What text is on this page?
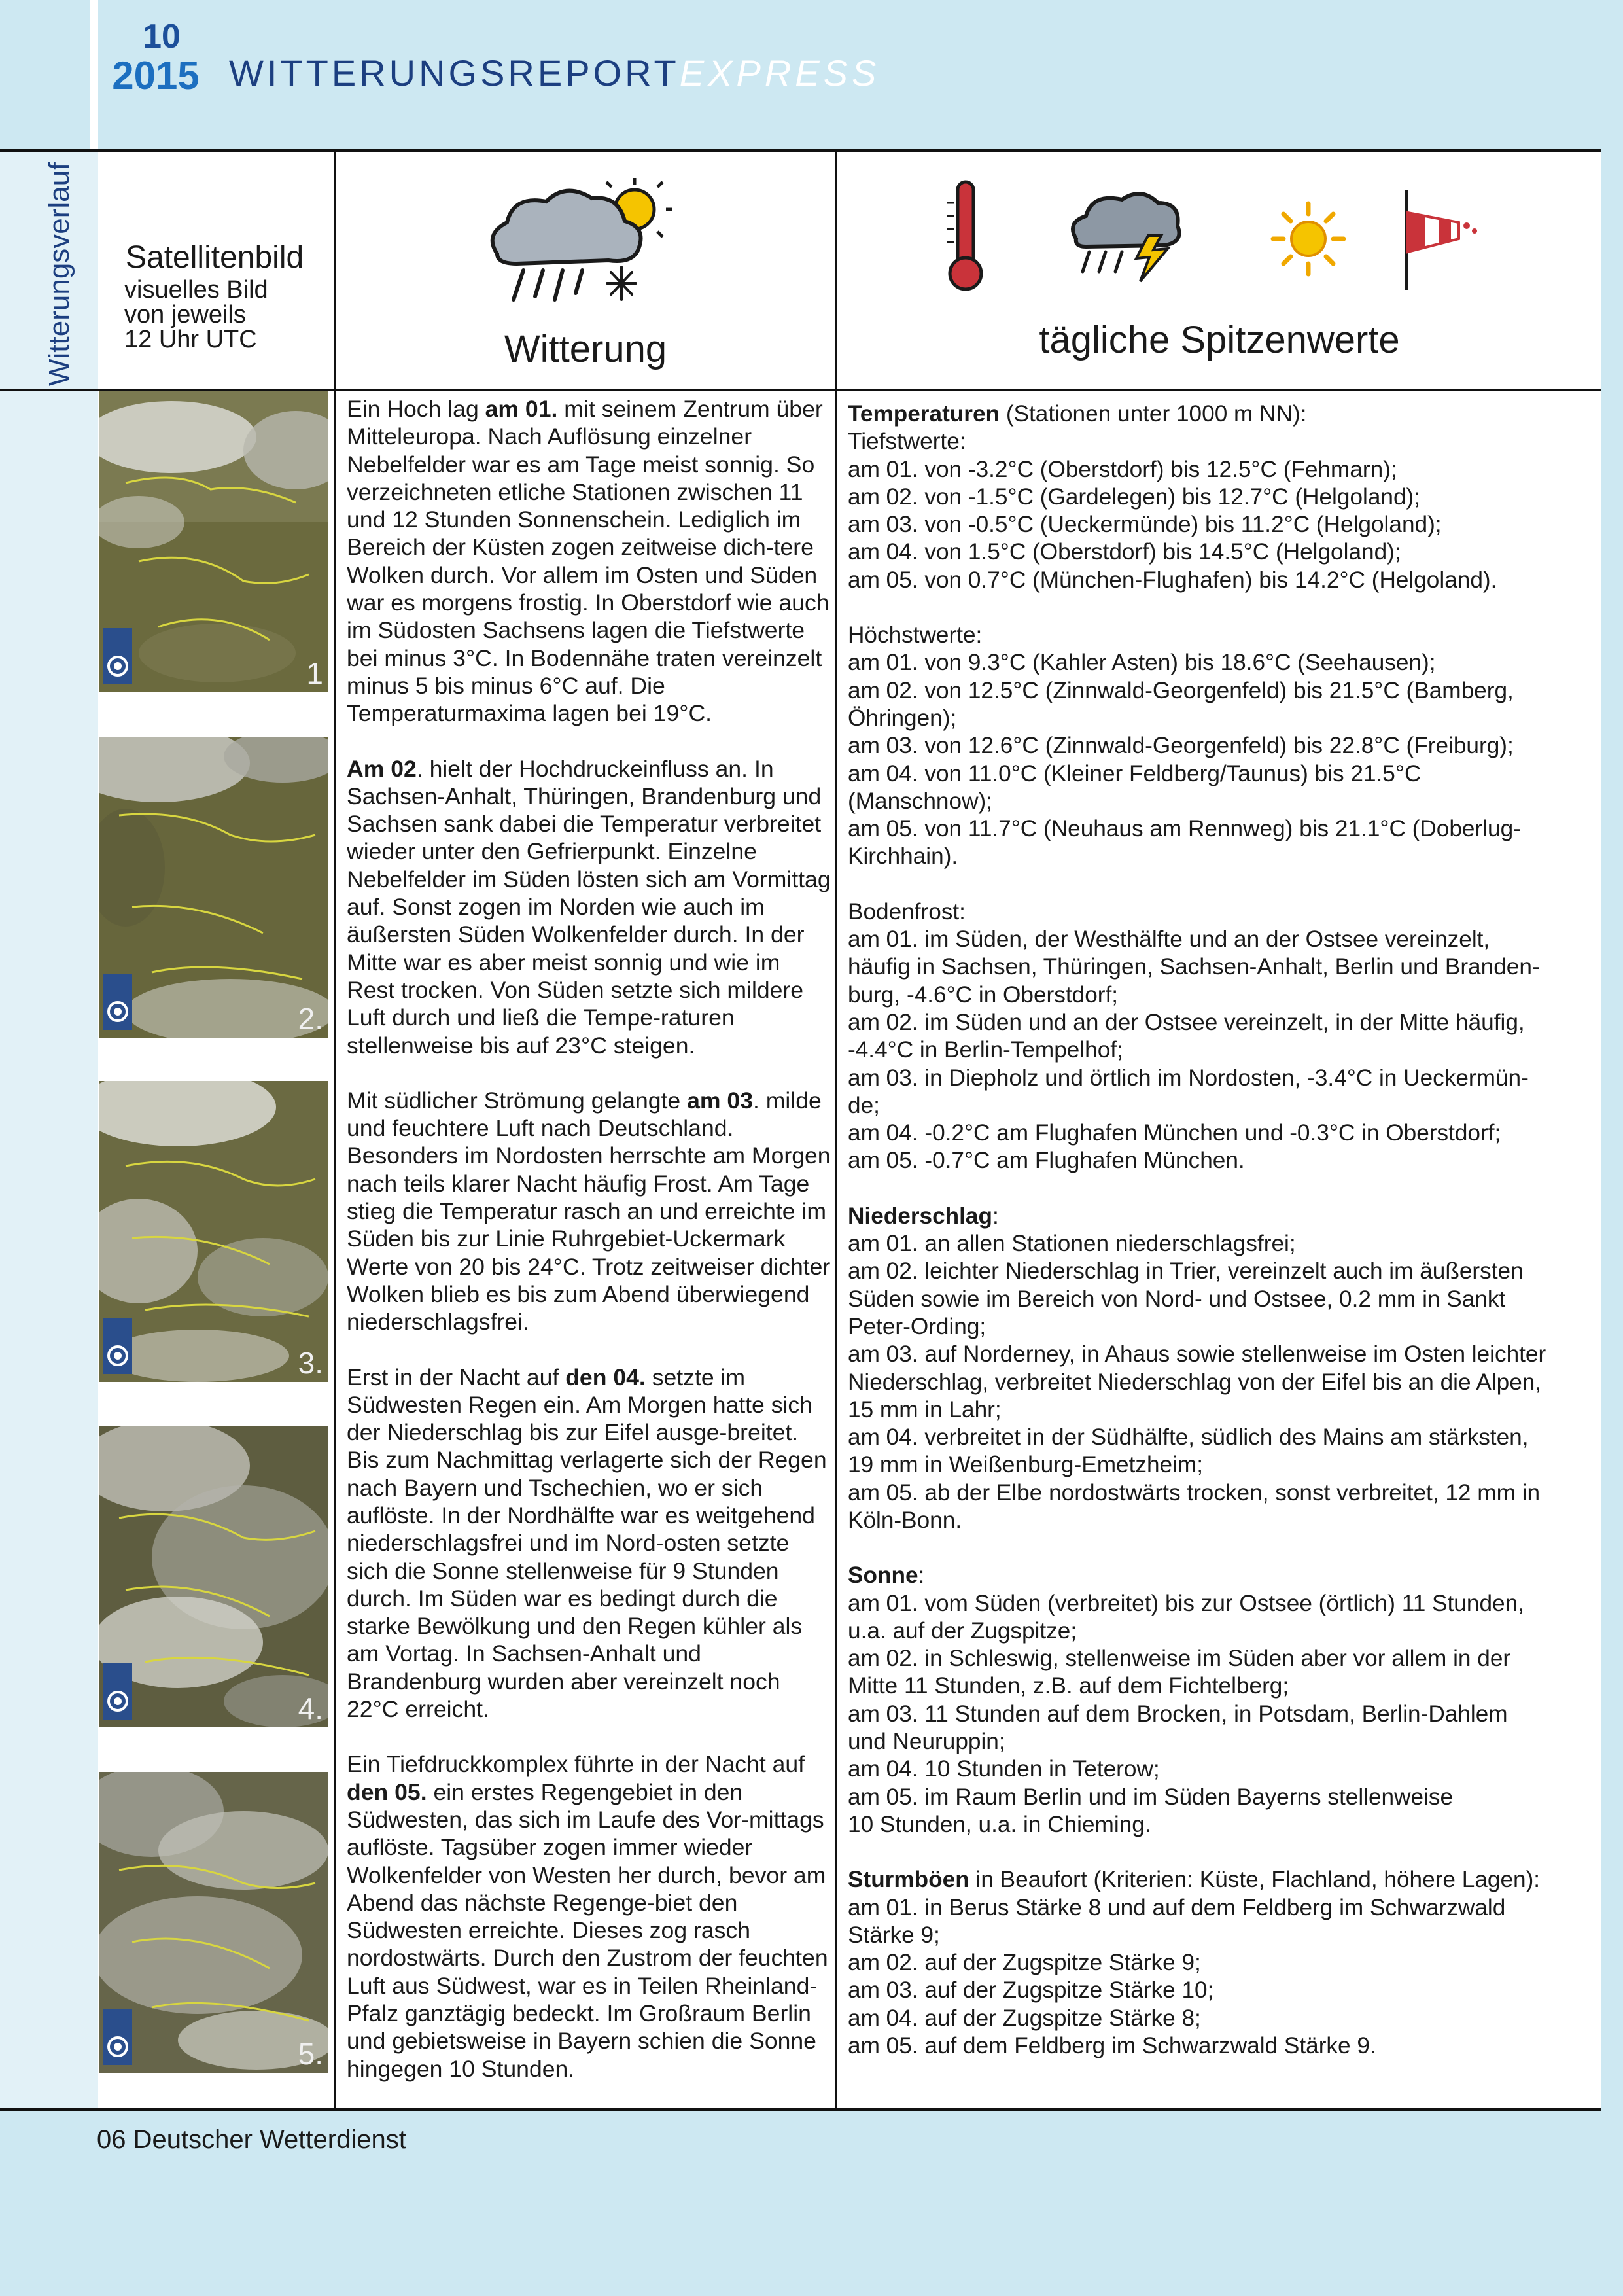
10
2015 WITTERUNGSREPORTEXPRESS
Witterungsverlauf Satellitenbild
visuelles Bild
von jeweils
12 Uhr UTC	Witterung	tägliche Spitzenwerte
1
2.
3.
4.
5.

Ein Hoch lag am 01. mit seinem Zentrum über Mitteleuropa. Nach Auflösung einzelner Nebelfelder war es am Tage meist sonnig. So verzeichneten etliche Stationen zwischen 11 und 12 Stunden Sonnenschein. Lediglich im Bereich der Küsten zogen zeitweise dich-tere Wolken durch. Vor allem im Osten und Süden war es morgens frostig. In Oberstdorf wie auch im Südosten Sachsens lagen die Tiefstwerte bei minus 3°C. In Bodennähe traten vereinzelt minus 5 bis minus 6°C auf. Die Temperaturmaxima lagen bei 19°C.

Am 02. hielt der Hochdruckeinfluss an. In Sachsen-Anhalt, Thüringen, Brandenburg und Sachsen sank dabei die Temperatur verbreitet wieder unter den Gefrierpunkt. Einzelne Nebelfelder im Süden lösten sich am Vormittag auf. Sonst zogen im Norden wie auch im äußersten Süden Wolkenfelder durch. In der Mitte war es aber meist sonnig und wie im Rest trocken. Von Süden setzte sich mildere Luft durch und ließ die Tempe-raturen stellenweise bis auf 23°C steigen.

Mit südlicher Strömung gelangte am 03. milde und feuchtere Luft nach Deutschland. Besonders im Nordosten herrschte am Morgen nach teils klarer Nacht häufig Frost. Am Tage stieg die Temperatur rasch an und erreichte im Süden bis zur Linie Ruhrgebiet-Uckermark Werte von 20 bis 24°C. Trotz zeitweiser dichter Wolken blieb es bis zum Abend überwiegend niederschlagsfrei.

Erst in der Nacht auf den 04. setzte im Südwesten Regen ein. Am Morgen hatte sich der Niederschlag bis zur Eifel ausge-breitet. Bis zum Nachmittag verlagerte sich der Regen nach Bayern und Tschechien, wo er sich auflöste. In der Nordhälfte war es weitgehend niederschlagsfrei und im Nord-osten setzte sich die Sonne stellenweise für 9 Stunden durch. Im Süden war es bedingt durch die starke Bewölkung und den Regen kühler als am Vortag. In Sachsen-Anhalt und Brandenburg wurden aber vereinzelt noch 22°C erreicht.

Ein Tiefdruckkomplex führte in der Nacht auf den 05. ein erstes Regengebiet in den Südwesten, das sich im Laufe des Vor-mittags auflöste. Tagsüber zogen immer wieder Wolkenfelder von Westen her durch, bevor am Abend das nächste Regenge-biet den Südwesten erreichte. Dieses zog rasch nordostwärts. Durch den Zustrom der feuchten Luft aus Südwest, war es in Teilen Rheinland-Pfalz ganztägig bedeckt. Im Großraum Berlin und gebietsweise in Bayern schien die Sonne hingegen 10 Stunden.

Temperaturen (Stationen unter 1000 m NN):
Tiefstwerte:
am 01. von -3.2°C (Oberstdorf) bis 12.5°C (Fehmarn);
am 02. von -1.5°C (Gardelegen) bis 12.7°C (Helgoland);
am 03. von -0.5°C (Ueckermünde) bis 11.2°C (Helgoland);
am 04. von 1.5°C (Oberstdorf) bis 14.5°C (Helgoland);
am 05. von 0.7°C (München-Flughafen) bis 14.2°C (Helgoland).
Höchstwerte:
am 01. von 9.3°C (Kahler Asten) bis 18.6°C (Seehausen);
am 02. von 12.5°C (Zinnwald-Georgenfeld) bis 21.5°C (Bamberg,
Öhringen);
am 03. von 12.6°C (Zinnwald-Georgenfeld) bis 22.8°C (Freiburg);
am 04. von 11.0°C (Kleiner Feldberg/Taunus) bis 21.5°C
(Manschnow);
am 05. von 11.7°C (Neuhaus am Rennweg) bis 21.1°C (Doberlug-
Kirchhain).
Bodenfrost:
am 01. im Süden, der Westhälfte und an der Ostsee vereinzelt,
häufig in Sachsen, Thüringen, Sachsen-Anhalt, Berlin und Branden-
burg, -4.6°C in Oberstdorf;
am 02. im Süden und an der Ostsee vereinzelt, in der Mitte häufig,
-4.4°C in Berlin-Tempelhof;
am 03. in Diepholz und örtlich im Nordosten, -3.4°C in Ueckermün-
de;
am 04. -0.2°C am Flughafen München und -0.3°C in Oberstdorf;
am 05. -0.7°C am Flughafen München.
Niederschlag:
am 01. an allen Stationen niederschlagsfrei;
am 02. leichter Niederschlag in Trier, vereinzelt auch im äußersten
Süden sowie im Bereich von Nord- und Ostsee, 0.2 mm in Sankt
Peter-Ording;
am 03. auf Norderney, in Ahaus sowie stellenweise im Osten leichter
Niederschlag, verbreitet Niederschlag von der Eifel bis an die Alpen,
15 mm in Lahr;
am 04. verbreitet in der Südhälfte, südlich des Mains am stärksten,
19 mm in Weißenburg-Emetzheim;
am 05. ab der Elbe nordostwärts trocken, sonst verbreitet, 12 mm in
Köln-Bonn.
Sonne:
am 01. vom Süden (verbreitet) bis zur Ostsee (örtlich) 11 Stunden,
u.a. auf der Zugspitze;
am 02. in Schleswig, stellenweise im Süden aber vor allem in der
Mitte 11 Stunden, z.B. auf dem Fichtelberg;
am 03. 11 Stunden auf dem Brocken, in Potsdam, Berlin-Dahlem
und Neuruppin;
am 04. 10 Stunden in Teterow;
am 05. im Raum Berlin und im Süden Bayerns stellenweise
10 Stunden, u.a. in Chieming.
Sturmböen in Beaufort (Kriterien: Küste, Flachland, höhere Lagen):
am 01. in Berus Stärke 8 und auf dem Feldberg im Schwarzwald
Stärke 9;
am 02. auf der Zugspitze Stärke 9;
am 03. auf der Zugspitze Stärke 10;
am 04. auf der Zugspitze Stärke 8;
am 05. auf dem Feldberg im Schwarzwald Stärke 9.
06 Deutscher Wetterdienst
